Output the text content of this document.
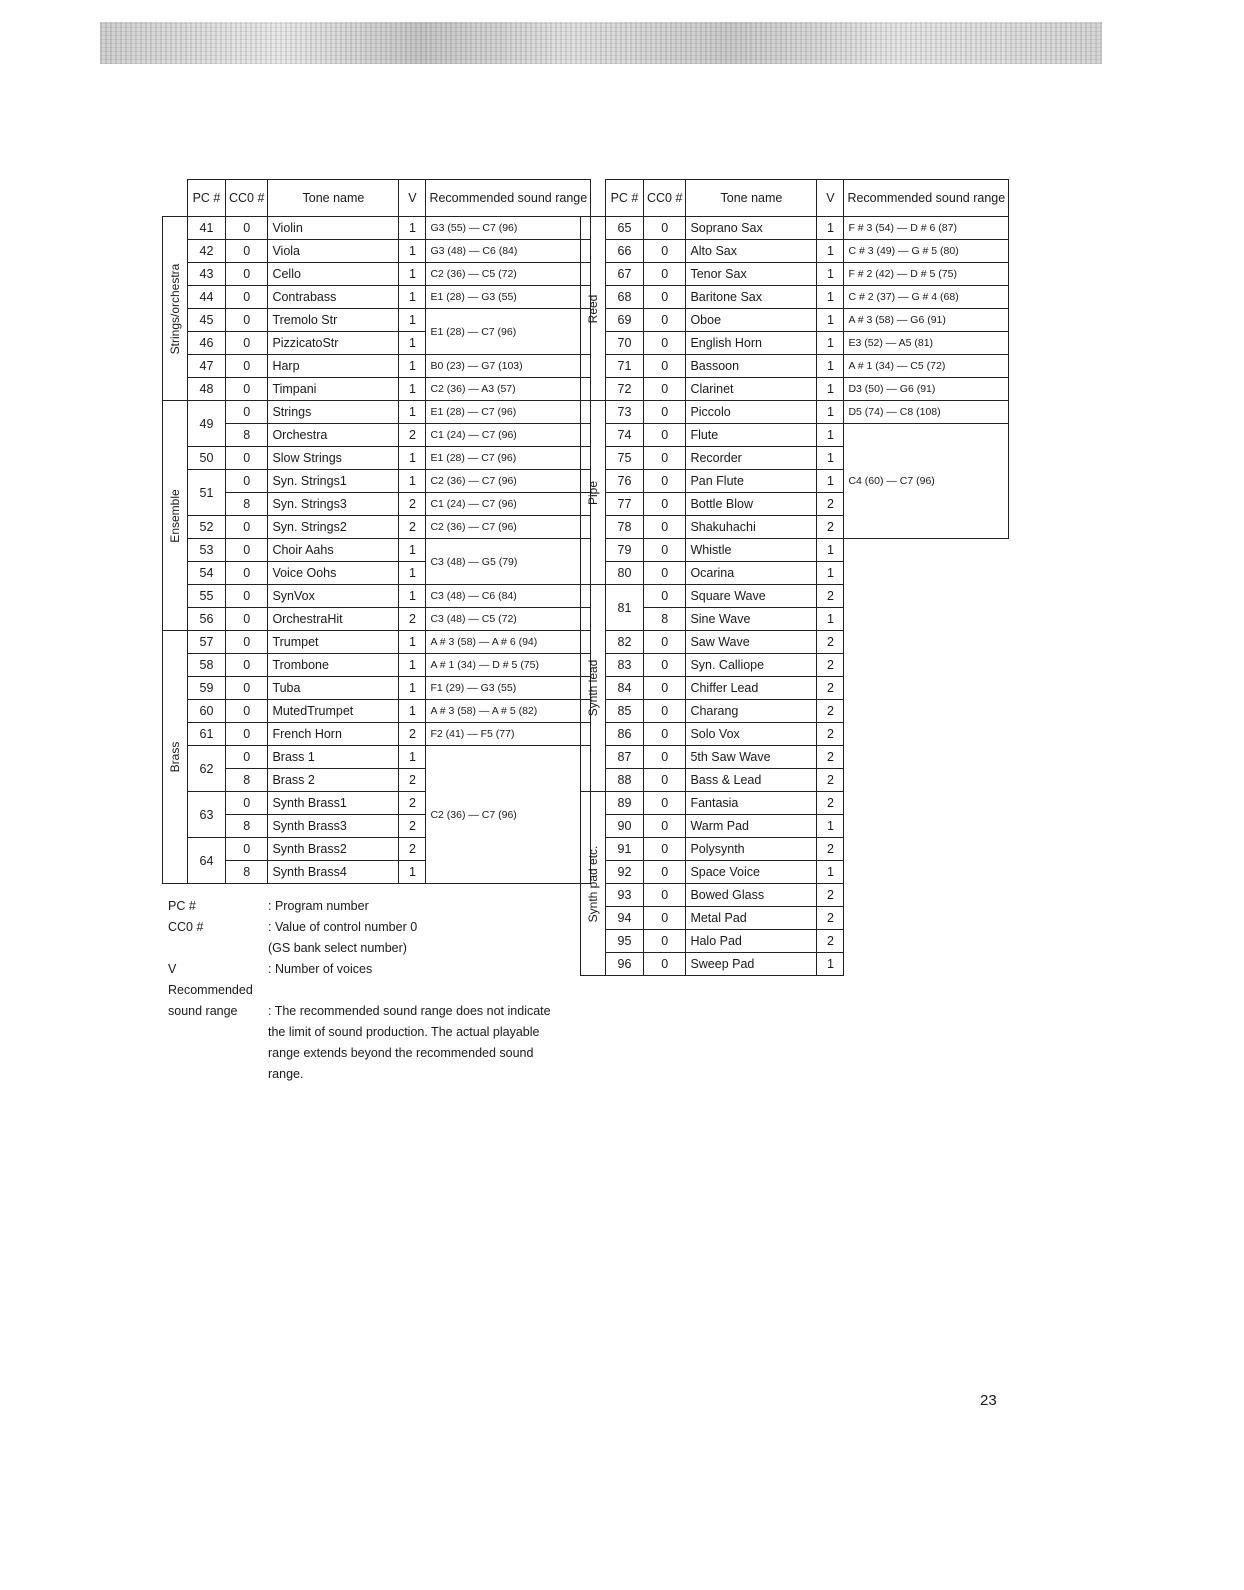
	PC #	CC0 #	Tone name	V	Recommended sound range

Strings/orchestra	41	0	Violin	1	G3 (55) — C7 (96)
	42	0	Viola	1	G3 (48) — C6 (84)
	43	0	Cello	1	C2 (36) — C5 (72)
	44	0	Contrabass	1	E1 (28) — G3 (55)
	45	0	Tremolo Str	1	E1 (28) — C7 (96)
	46	0	PizzicatoStr	1	
	47	0	Harp	1	B0 (23) — G7 (103)
	48	0	Timpani	1	C2 (36) — A3 (57)

Ensemble	49	0	Strings	1	E1 (28) — C7 (96)
		8	Orchestra	2	C1 (24) — C7 (96)
	50	0	Slow Strings	1	E1 (28) — C7 (96)
	51	0	Syn. Strings1	1	C2 (36) — C7 (96)
		8	Syn. Strings3	2	C1 (24) — C7 (96)
	52	0	Syn. Strings2	2	C2 (36) — C7 (96)
	53	0	Choir Aahs	1	C3 (48) — G5 (79)
	54	0	Voice Oohs	1	
	55	0	SynVox	1	C3 (48) — C6 (84)
	56	0	OrchestraHit	2	C3 (48) — C5 (72)

Brass	57	0	Trumpet	1	A # 3 (58) — A # 6 (94)
	58	0	Trombone	1	A # 1 (34) — D # 5 (75)
	59	0	Tuba	1	F1 (29) — G3 (55)
	60	0	MutedTrumpet	1	A # 3 (58) — A # 5 (82)
	61	0	French Horn	2	F2 (41) — F5 (77)
	62	0	Brass 1	1	C2 (36) — C7 (96)
		8	Brass 2	2	
	63	0	Synth Brass1	2	
		8	Synth Brass3	2	
	64	0	Synth Brass2	2	
		8	Synth Brass4	1	
	PC #	CC0 #	Tone name	V	Recommended sound range

Reed	65	0	Soprano Sax	1	F # 3 (54) — D # 6 (87)
	66	0	Alto Sax	1	C # 3 (49) — G # 5 (80)
	67	0	Tenor Sax	1	F # 2 (42) — D # 5 (75)
	68	0	Baritone Sax	1	C # 2 (37) — G # 4 (68)
	69	0	Oboe	1	A # 3 (58) — G6 (91)
	70	0	English Horn	1	E3 (52) — A5 (81)
	71	0	Bassoon	1	A # 1 (34) — C5 (72)
	72	0	Clarinet	1	D3 (50) — G6 (91)

Pipe	73	0	Piccolo	1	D5 (74) — C8 (108)
	74	0	Flute	1	C4 (60) — C7 (96)
	75	0	Recorder	1	
	76	0	Pan Flute	1	
	77	0	Bottle Blow	2	
	78	0	Shakuhachi	2	
	79	0	Whistle	1	
	80	0	Ocarina	1	

Synth lead	81	0	Square Wave	2	
		8	Sine Wave	1	
	82	0	Saw Wave	2	
	83	0	Syn. Calliope	2	
	84	0	Chiffer Lead	2	
	85	0	Charang	2	
	86	0	Solo Vox	2	
	87	0	5th Saw Wave	2	
	88	0	Bass & Lead	2	

Synth pad etc.	89	0	Fantasia	2	
	90	0	Warm Pad	1	
	91	0	Polysynth	2	
	92	0	Space Voice	1	
	93	0	Bowed Glass	2	
	94	0	Metal Pad	2	
	95	0	Halo Pad	2	
	96	0	Sweep Pad	1	
PC #	: Program number
CC0 #	: Value of control number 0
(GS bank select number)
V	: Number of voices
Recommended
sound range	: The recommended sound range does not indicate the limit of sound production. The actual playable range extends beyond the recommended sound range.
23
